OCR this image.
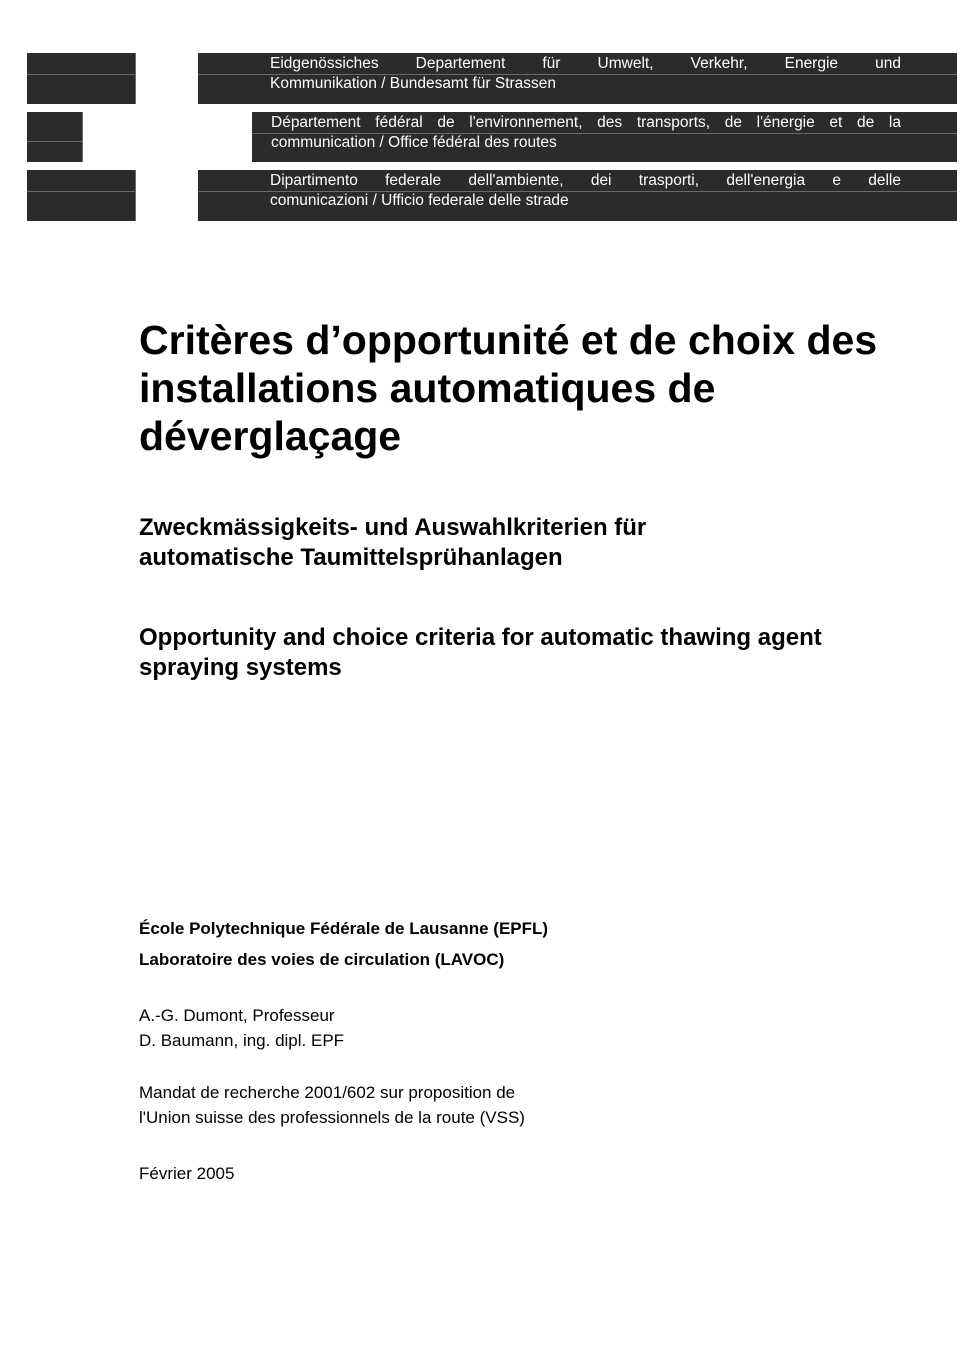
Eidgenössiches Departement für Umwelt, Verkehr, Energie und
Kommunikation / Bundesamt für Strassen
Département fédéral de l'environnement, des transports, de l'énergie et de la
communication / Office fédéral des routes
Dipartimento federale dell'ambiente, dei trasporti, dell'energia e delle
comunicazioni / Ufficio federale delle strade
Critères d’opportunité et de choix des installations automatiques de déverglaçage
Zweckmässigkeits- und Auswahlkriterien für automatische Taumittelsprühanlagen
Opportunity and choice criteria for automatic thawing agent spraying systems

École Polytechnique Fédérale de Lausanne (EPFL)

Laboratoire des voies de circulation (LAVOC)

A.-G. Dumont, Professeur

D. Baumann, ing. dipl. EPF

Mandat de recherche 2001/602 sur proposition de

l'Union suisse des professionnels de la route (VSS)

Février 2005
